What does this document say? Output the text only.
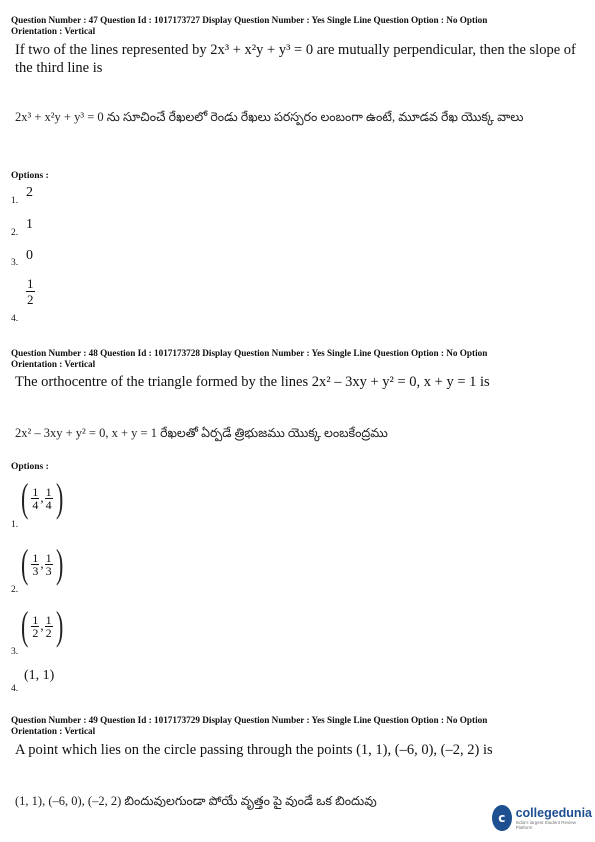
Question Number : 47 Question Id : 1017173727 Display Question Number : Yes Single Line Question Option : No Option
Orientation : Vertical
If two of the lines represented by 2x³ + x²y + y³ = 0 are mutually perpendicular, then the slope of the third line is
2x³ + x²y + y³ = 0 ను సూచించే రేఖలలో రెండు రేఖలు పరస్పరం లంబంగా ఉంటే, మూడవ రేఖ యొక్క వాలు
Options :
1.
2
2.
1
3. 0
4.
$\frac{1}{2}$
Question Number : 48 Question Id : 1017173728 Display Question Number : Yes Single Line Question Option : No Option
Orientation : Vertical
The orthocentre of the triangle formed by the lines 2x² – 3xy + y² = 0, x + y = 1 is
2x² – 3xy + y² = 0, x + y = 1 రేఖలతో ఏర్పడే త్రిభుజము యొక్క లంబకేంద్రము
Options :
( $\frac{1}{4}$ , $\frac{1}{4}$ )
1.
( $\frac{1}{3}$ , $\frac{1}{3}$ )
2.
( $\frac{1}{2}$ , $\frac{1}{2}$ )
3.
(1, 1)
4.
Question Number : 49 Question Id : 1017173729 Display Question Number : Yes Single Line Question Option : No Option
Orientation : Vertical
A point which lies on the circle passing through the points (1, 1), (–6, 0), (–2, 2) is
(1, 1), (–6, 0), (–2, 2) బిందువులగుండా పోయే వృత్తం పై వుండే ఒక బిందువు
c collegedunia
India's largest Student Review Platform
